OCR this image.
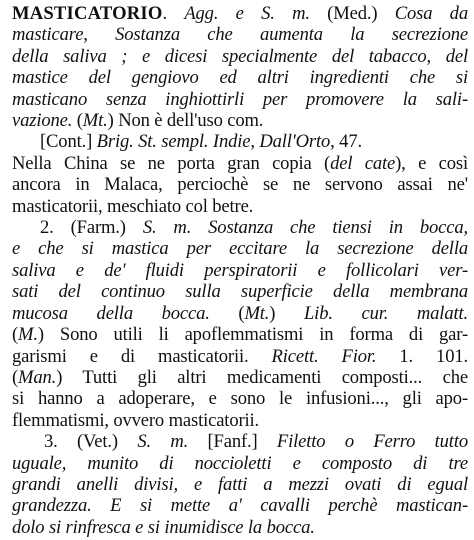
MASTICATORIO. Agg. e S. m. (Med.) Cosa da
masticare, Sostanza che aumenta la secrezione
della saliva ; e dicesi specialmente del tabacco, del
mastice del gengiovo ed altri ingredienti che si
masticano senza inghiottirli per promovere la sali-
vazione. (Mt.) Non è dell'uso com.
[Cont.] Brig. St. sempl. Indie, Dall'Orto, 47.
Nella China se ne porta gran copia (del cate), e così
ancora in Malaca, perciochè se ne servono assai ne'
masticatorii, meschiato col betre.
2. (Farm.) S. m. Sostanza che tiensi in bocca,
e che si mastica per eccitare la secrezione della
saliva e de' fluidi perspiratorii e follicolari ver-
sati del continuo sulla superficie della membrana
mucosa della bocca. (Mt.) Lib. cur. malatt.
(M.) Sono utili li apoflemmatismi in forma di gar-
garismi e di masticatorii. Ricett. Fior. 1. 101.
(Man.) Tutti gli altri medicamenti composti... che
si hanno a adoperare, e sono le infusioni..., gli apo-
flemmatismi, ovvero masticatorii.
3. (Vet.) S. m. [Fanf.] Filetto o Ferro tutto
uguale, munito di noccioletti e composto di tre
grandi anelli divisi, e fatti a mezzi ovati di egual
grandezza. E si mette a' cavalli perchè mastican-
dolo si rinfresca e si inumidisce la bocca.
